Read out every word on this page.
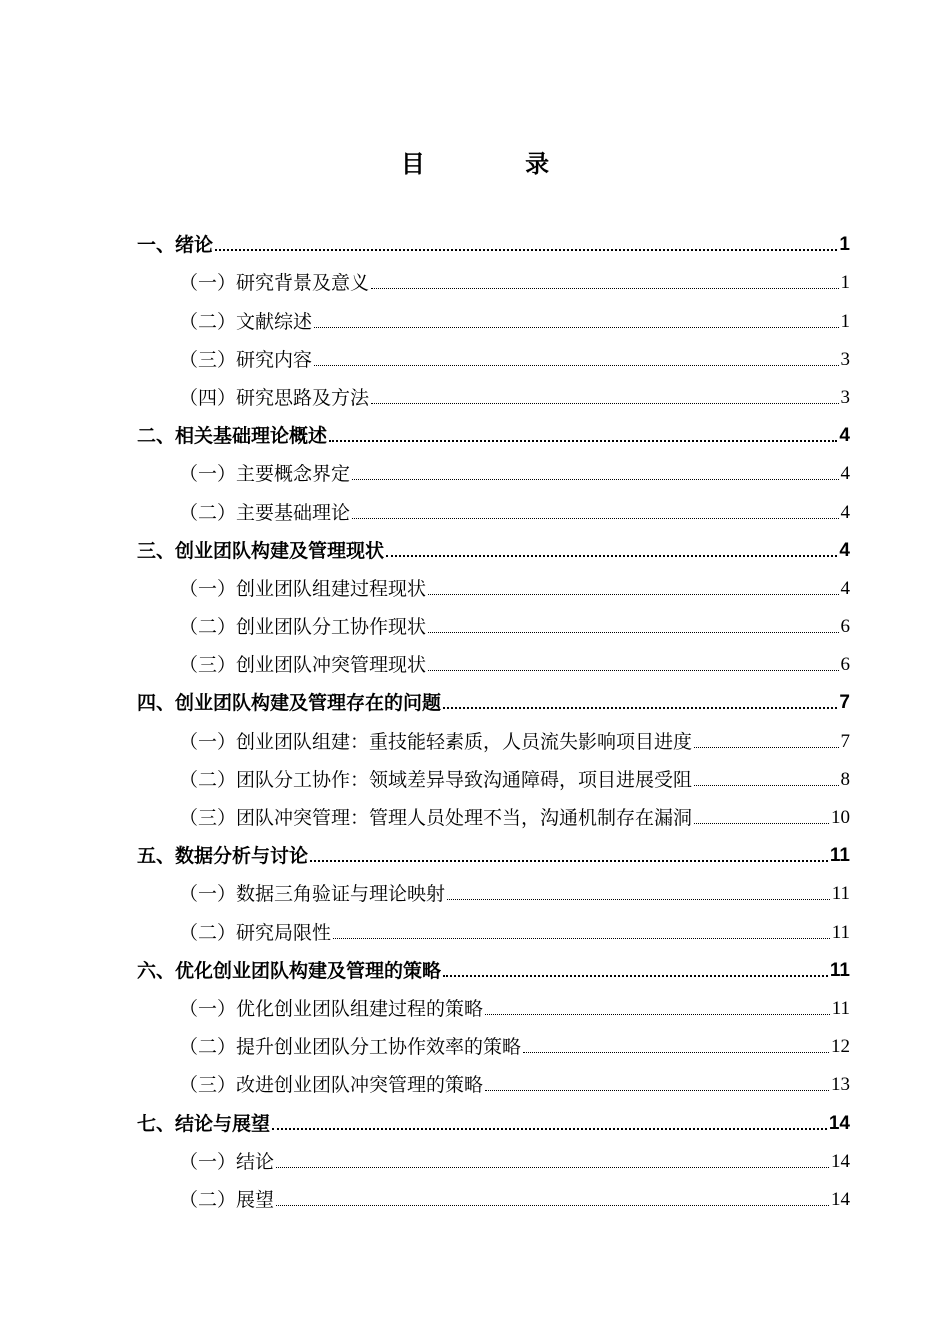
目 录
一、绪论	1
（一）研究背景及意义	1
（二）文献综述	1
（三）研究内容	3
（四）研究思路及方法	3
二、相关基础理论概述	4
（一）主要概念界定	4
（二）主要基础理论	4
三、创业团队构建及管理现状	4
（一）创业团队组建过程现状	4
（二）创业团队分工协作现状	6
（三）创业团队冲突管理现状	6
四、创业团队构建及管理存在的问题	7
（一）创业团队组建：重技能轻素质，人员流失影响项目进度	7
（二）团队分工协作：领域差异导致沟通障碍，项目进展受阻	8
（三）团队冲突管理：管理人员处理不当，沟通机制存在漏洞	10
五、数据分析与讨论	11
（一）数据三角验证与理论映射	11
（二）研究局限性	11
六、优化创业团队构建及管理的策略	11
（一）优化创业团队组建过程的策略	11
（二）提升创业团队分工协作效率的策略	12
（三）改进创业团队冲突管理的策略	13
七、结论与展望	14
（一）结论	14
（二）展望	14
